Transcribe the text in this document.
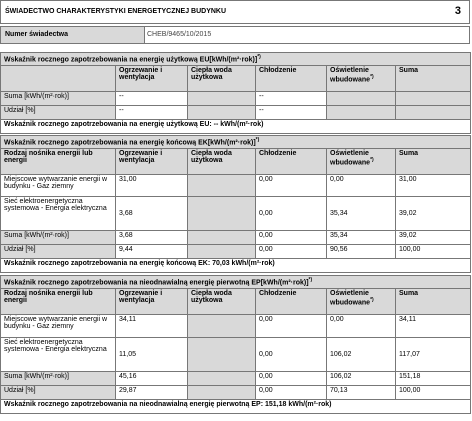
ŚWIADECTWO CHARAKTERYSTYKI ENERGETYCZNEJ BUDYNKU	3
Numer świadectwa	CHEB/9465/10/2015
Wskaźnik rocznego zapotrzebowania na energię użytkową EU[kWh/(m²·rok)]*)
	Ogrzewanie i wentylacja	Ciepła woda użytkowa	Chłodzenie	Oświetlenie wbudowane*)	Suma
Suma [kWh/(m²·rok)]	--		--		
Udział [%]	--		--		
Wskaźnik rocznego zapotrzebowania na energię użytkową EU: -- kWh/(m²·rok)					
Wskaźnik rocznego zapotrzebowania na energię końcową EK[kWh/(m²·rok)]*)
Rodzaj nośnika energii lub energii	Ogrzewanie i wentylacja	Ciepła woda użytkowa	Chłodzenie	Oświetlenie wbudowane*)	Suma
Miejscowe wytwarzanie energii w budynku - Gaz ziemny	31,00		0,00	0,00	31,00
Sieć elektroenergetyczna systemowa - Energia elektryczna	3,68		0,00	35,34	39,02
Suma [kWh/(m²·rok)]	3,68		0,00	35,34	39,02
Udział [%]	9,44		0,00	90,56	100,00
Wskaźnik rocznego zapotrzebowania na energię końcową EK: 70,03 kWh/(m²·rok)					
Wskaźnik rocznego zapotrzebowania na nieodnawialną energię pierwotną EP[kWh/(m²·rok)]*)
Rodzaj nośnika energii lub energii	Ogrzewanie i wentylacja	Ciepła woda użytkowa	Chłodzenie	Oświetlenie wbudowane*)	Suma
Miejscowe wytwarzanie energii w budynku - Gaz ziemny	34,11		0,00	0,00	34,11
Sieć elektroenergetyczna systemowa - Energia elektryczna	11,05		0,00	106,02	117,07
Suma [kWh/(m²·rok)]	45,16		0,00	106,02	151,18
Udział [%]	29,87		0,00	70,13	100,00
Wskaźnik rocznego zapotrzebowania na nieodnawialną energię pierwotną EP: 151,18 kWh/(m²·rok)					
